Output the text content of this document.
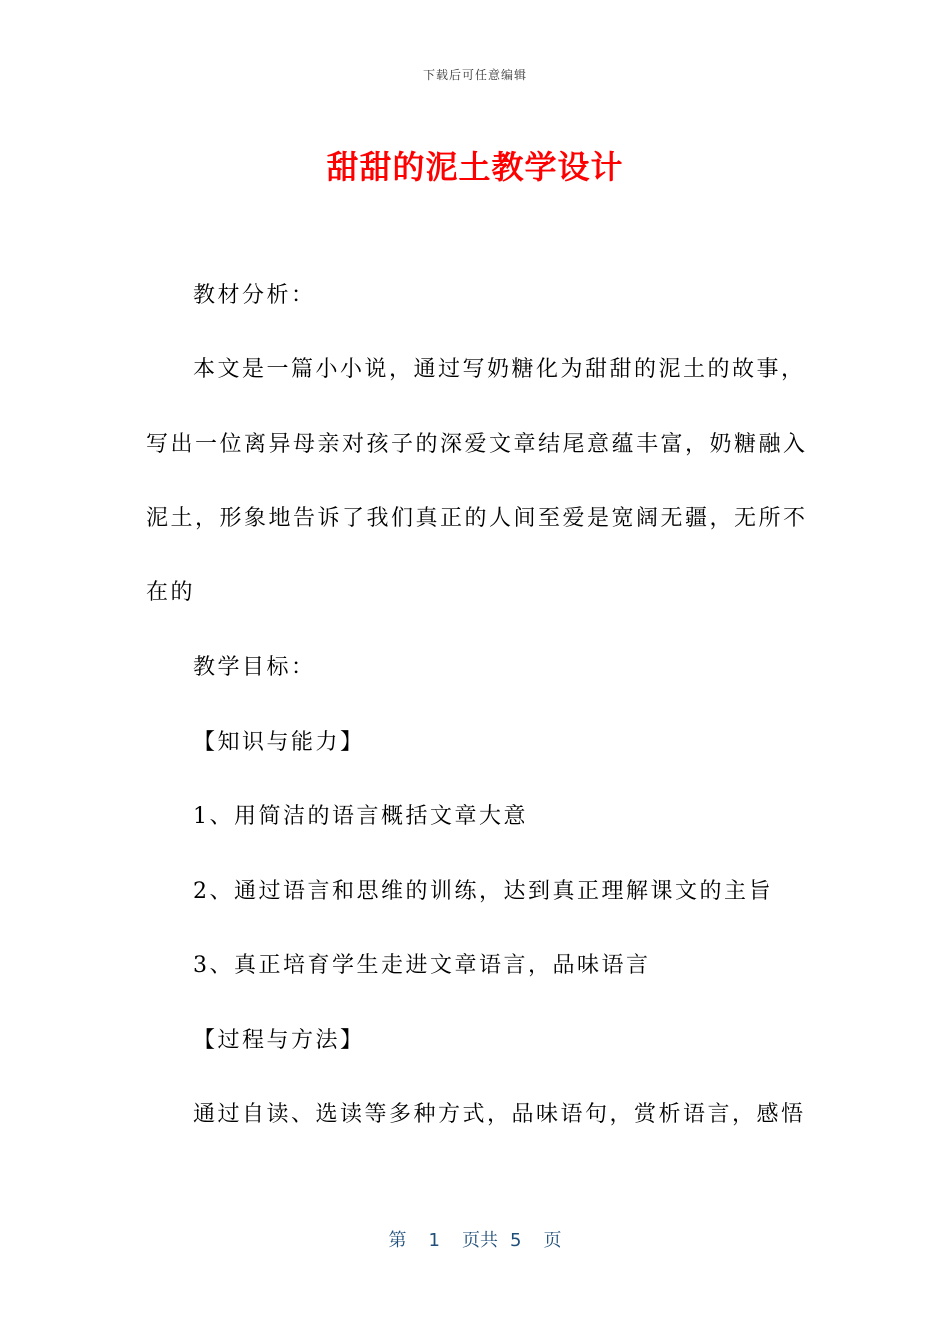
下载后可任意编辑
甜甜的泥土教学设计

教材分析：

本文是一篇小小说，通过写奶糖化为甜甜的泥土的故事，

写出一位离异母亲对孩子的深爱文章结尾意蕴丰富，奶糖融入

泥土，形象地告诉了我们真正的人间至爱是宽阔无疆，无所不

在的

教学目标：

【知识与能力】

1、用简洁的语言概括文章大意

2、通过语言和思维的训练，达到真正理解课文的主旨

3、真正培育学生走进文章语言，品味语言

【过程与方法】

通过自读、选读等多种方式，品味语句，赏析语言，感悟

第 1 页共 5 页
